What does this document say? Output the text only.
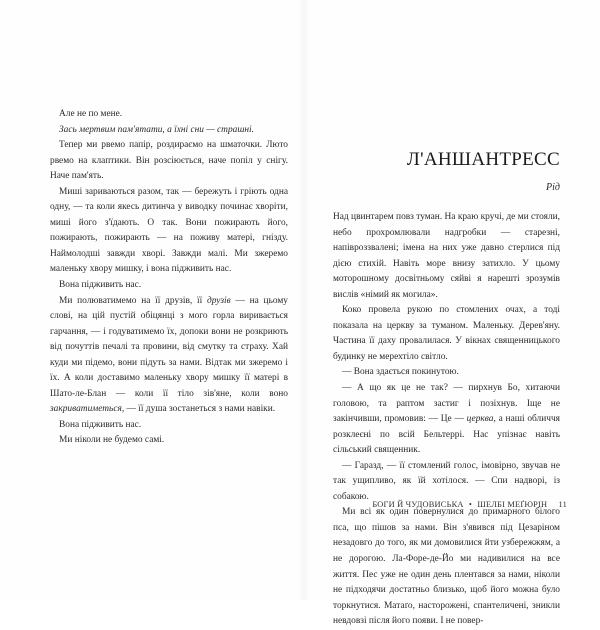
Але не по мене.

Зась мертвим пам'ятати, а їхні сни — страшні.

Тепер ми рвемо папір, роздираємо на шматочки. Люто рвемо на клаптики. Він розсіюється, наче попіл у снігу. Наче пам'ять.

Миші зариваються разом, так — бережуть і гріють одна одну, — та коли якесь дитинча у виводку починає хворіти, миші його з'їдають. О так. Вони пожирають його, пожирають, пожирають — на поживу матері, гнізду. Наймолодші завжди хворі. Завжди малі. Ми зжеремо маленьку хвору мишку, і вона підживить нас.

Вона підживить нас.

Ми полюватимемо на її друзів, її друзів — на цьому слові, на цій пустій обіцянці з мого горла виривається гарчання, — і годуватимемо їх, допоки вони не розкриють від почуттів печалі та провини, від смутку та страху. Хай куди ми підемо, вони підуть за нами. Відтак ми зжеремо і їх. А коли доставимо маленьку хвору мишку її матері в Шато-ле-Блан — коли її тіло зів'яне, коли воно закриватиметься, — її душа зостанеться з нами навіки.

Вона підживить нас.

Ми ніколи не будемо самі.

Л'АНШАНТРЕСС
Рід

Над цвинтарем повз туман. На краю кручі, де ми стояли, небо прохромлювали надгробки — старезні, напівроззвалені; імена на них уже давно стерлися під дією стихій. Навіть море внизу затихло. У цьому моторошному досвітньому сяйві я нарешті зрозумів вислів «німий як могила».

Коко провела рукою по стомлених очах, а тоді показала на церкву за туманом. Маленьку. Дерев'яну. Частина її даху провалилася. У вікнах священницького будинку не мерехтіло світло.

— Вона здається покинутою.

— А що як це не так? — пирхнув Бо, хитаючи головою, та раптом застиг і позіхнув. Іще не закінчивши, промовив: — Це — церква, а наші обличчя розклеєні по всій Бельтеррі. Нас упізнає навіть сільський священник.

— Гаразд, — її стомлений голос, імовірно, звучав не так ущипливо, як їй хотілося. — Спи надворі, із собакою.

Ми всі як один повернулися до примарного білого пса, що пішов за нами. Він з'явився під Цезаріном незадовго до того, як ми домовилися йти узбережжям, а не дорогою. Ла-Форе-де-Йо ми надивилися на все життя. Пес уже не один день плентався за нами, ніколи не підходячи достатньо близько, щоб його можна було торкнутися. Матаґо, насторожені, спантеличені, зникли невдовзі після його появи. І не повер-

БОГИ Й ЧУДОВИСЬКА • ШЕЛБІ МЕҐЮРІН 11
